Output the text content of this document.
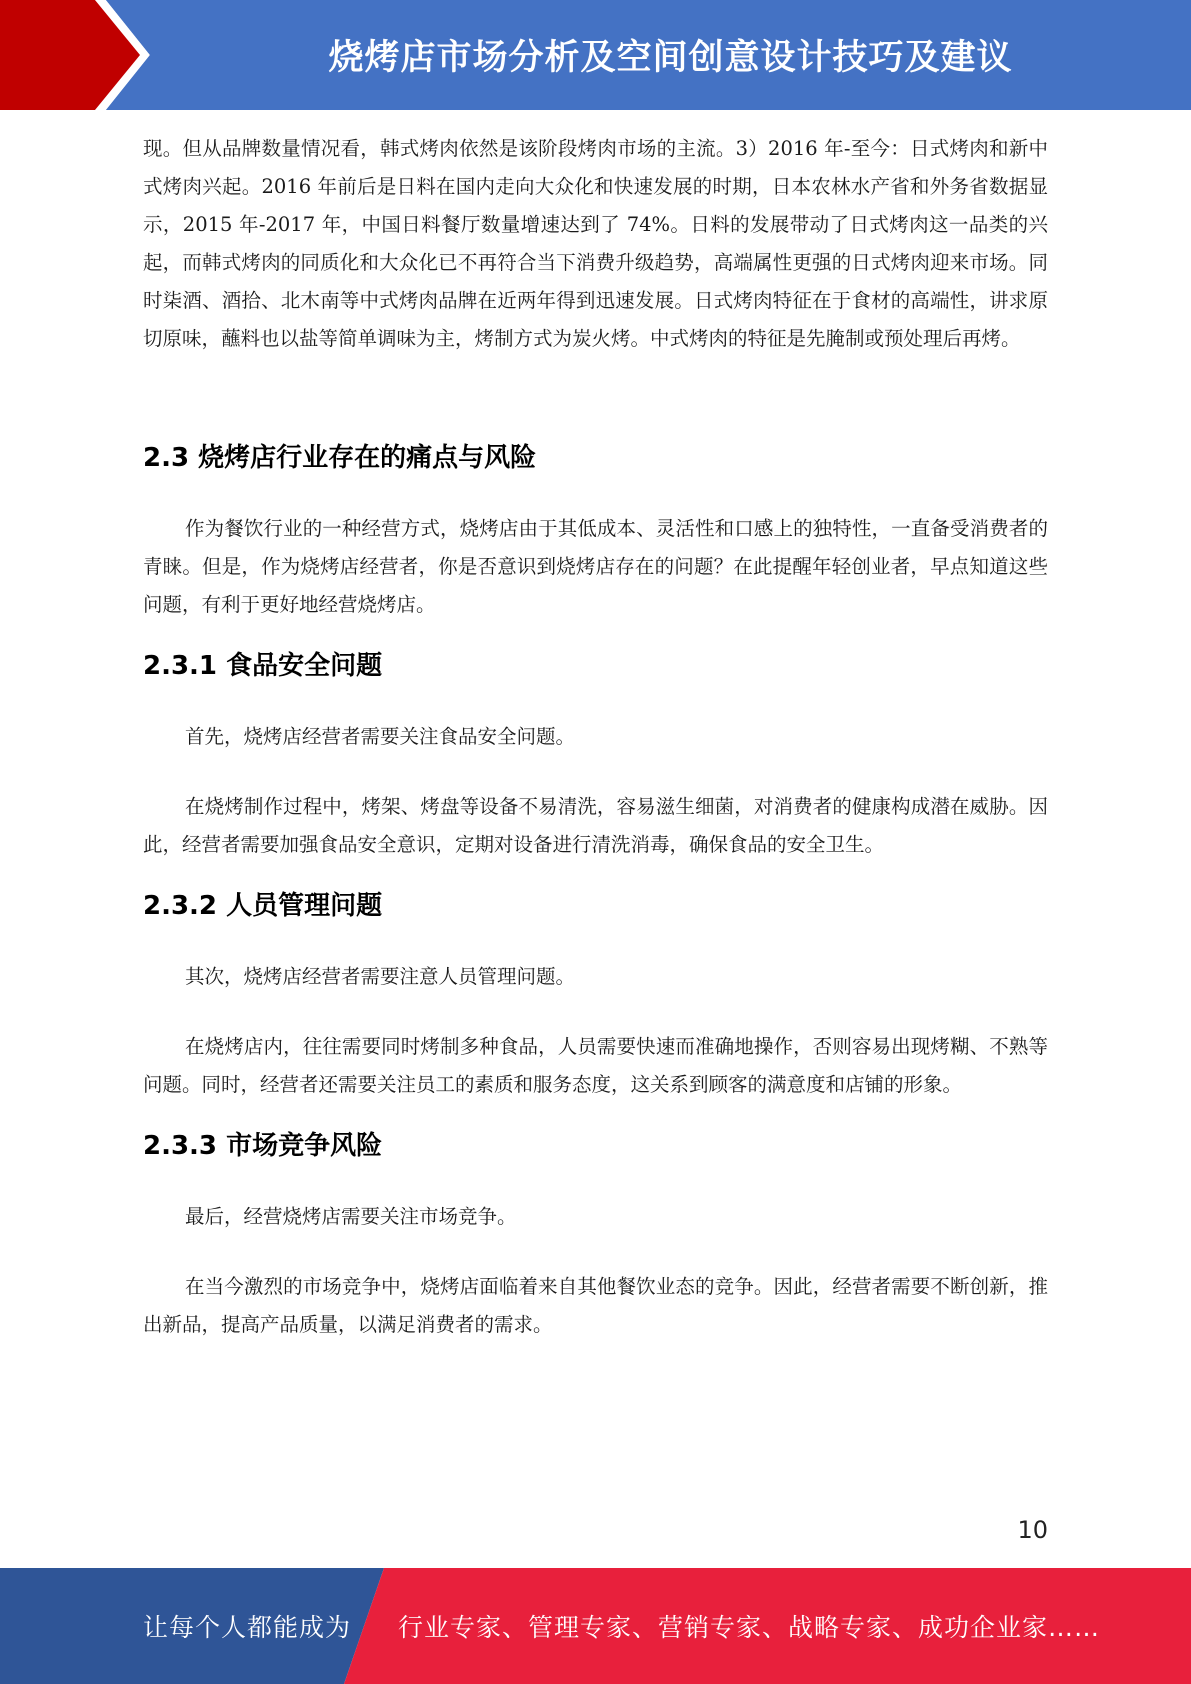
烧烤店市场分析及空间创意设计技巧及建议

现。但从品牌数量情况看，韩式烤肉依然是该阶段烤肉市场的主流。3）2016 年-至今：日式烤肉和新中式烤肉兴起。2016 年前后是日料在国内走向大众化和快速发展的时期，日本农林水产省和外务省数据显示，2015 年-2017 年，中国日料餐厅数量增速达到了 74%。日料的发展带动了日式烤肉这一品类的兴起，而韩式烤肉的同质化和大众化已不再符合当下消费升级趋势，高端属性更强的日式烤肉迎来市场。同时柒酒、酒拾、北木南等中式烤肉品牌在近两年得到迅速发展。日式烤肉特征在于食材的高端性，讲求原切原味，蘸料也以盐等简单调味为主，烤制方式为炭火烤。中式烤肉的特征是先腌制或预处理后再烤。

2.3 烧烤店行业存在的痛点与风险

作为餐饮行业的一种经营方式，烧烤店由于其低成本、灵活性和口感上的独特性，一直备受消费者的青睐。但是，作为烧烤店经营者，你是否意识到烧烤店存在的问题？在此提醒年轻创业者，早点知道这些问题，有利于更好地经营烧烤店。

2.3.1 食品安全问题

首先，烧烤店经营者需要关注食品安全问题。

在烧烤制作过程中，烤架、烤盘等设备不易清洗，容易滋生细菌，对消费者的健康构成潜在威胁。因此，经营者需要加强食品安全意识，定期对设备进行清洗消毒，确保食品的安全卫生。

2.3.2 人员管理问题

其次，烧烤店经营者需要注意人员管理问题。

在烧烤店内，往往需要同时烤制多种食品，人员需要快速而准确地操作，否则容易出现烤糊、不熟等问题。同时，经营者还需要关注员工的素质和服务态度，这关系到顾客的满意度和店铺的形象。

2.3.3 市场竞争风险

最后，经营烧烤店需要关注市场竞争。

在当今激烈的市场竞争中，烧烤店面临着来自其他餐饮业态的竞争。因此，经营者需要不断创新，推出新品，提高产品质量，以满足消费者的需求。

10
让每个人都能成为 行业专家、管理专家、营销专家、战略专家、成功企业家……
